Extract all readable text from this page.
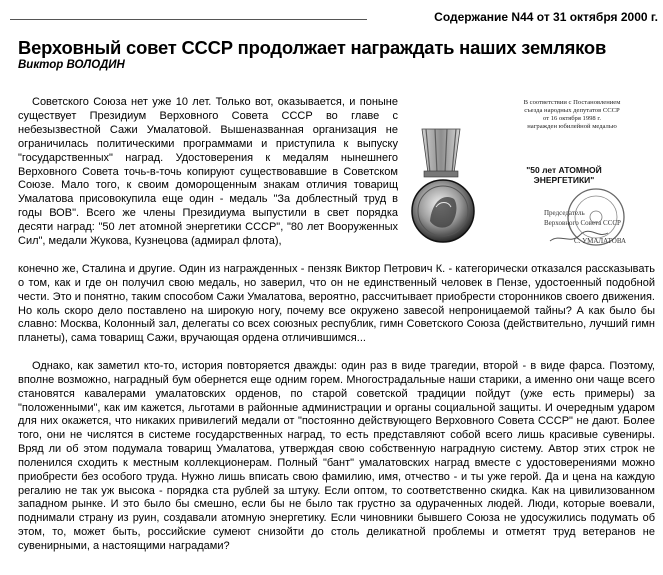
Содержание N44 от 31 октября 2000 г.
Верховный совет СССР продолжает награждать наших земляков
Виктор ВОЛОДИН
В соответствии с Постановлением
съезда народных депутатов СССР
от 16 октября 1998 г.
награжден юбилейной медалью
"50 лет АТОМНОЙ
ЭНЕРГЕТИКИ"
Председатель
Верховного Совета СССР
С. УМАЛАТОВА
Советского Союза нет уже 10 лет. Только вот, оказывается, и поныне существует Президиум Верховного Совета СССР во главе с небезызвестной Сажи Умалатовой. Вышеназванная организация не ограничилась политическими программами и приступила к выпуску "государственных" наград. Удостоверения к медалям нынешнего Верховного Совета точь-в-точь копируют существовавшие в Советском Союзе. Мало того, к своим доморощенным знакам отличия товарищ Умалатова присовокупила еще один - медаль "За доблестный труд в годы ВОВ". Всего же члены Президиума выпустили в свет порядка десяти наград: "50 лет атомной энергетики СССР", "80 лет Вооруженных Сил", медали Жукова, Кузнецова (адмирал флота),
конечно же, Сталина и другие. Один из награжденных - пензяк Виктор Петрович К. - категорически отказался рассказывать о том, как и где он получил свою медаль, но заверил, что он не единственный человек в Пензе, удостоенный подобной чести. Это и понятно, таким способом Сажи Умалатова, вероятно, рассчитывает приобрести сторонников своего движения. Но коль скоро дело поставлено на широкую ногу, почему все окружено завесой непроницаемой тайны? А как было бы славно: Москва, Колонный зал, делегаты со всех союзных республик, гимн Советского Союза (действительно, лучший гимн планеты), сама товарищ Сажи, вручающая ордена отличившимся...
Однако, как заметил кто-то, история повторяется дважды: один раз в виде трагедии, второй - в виде фарса. Поэтому, вполне возможно, наградный бум обернется еще одним горем. Многострадальные наши старики, а именно они чаще всего становятся кавалерами умалатовских орденов, по старой советской традиции пойдут (уже есть примеры) за "положенными", как им кажется, льготами в районные администрации и органы социальной защиты. И очередным ударом для них окажется, что никаких привилегий медали от "постоянно действующего Верховного Совета СССР" не дают. Более того, они не числятся в системе государственных наград, то есть представляют собой всего лишь красивые сувениры. Вряд ли об этом подумала товарищ Умалатова, утверждая свою собственную наградную систему. Автор этих строк не поленился сходить к местным коллекционерам. Полный "бант" умалатовских наград вместе с удостоверениями можно приобрести без особого труда. Нужно лишь вписать свою фамилию, имя, отчество - и ты уже герой. Да и цена на каждую регалию не так уж высока - порядка ста рублей за штуку. Если оптом, то соответственно скидка. Как на цивилизованном западном рынке. И это было бы смешно, если бы не было так грустно за одураченных людей. Люди, которые воевали, поднимали страну из руин, создавали атомную энергетику. Если чиновники бывшего Союза не удосужились подумать об этом, то, может быть, российские сумеют снизойти до столь деликатной проблемы и отметят труд ветеранов не сувенирными, а настоящими наградами?
